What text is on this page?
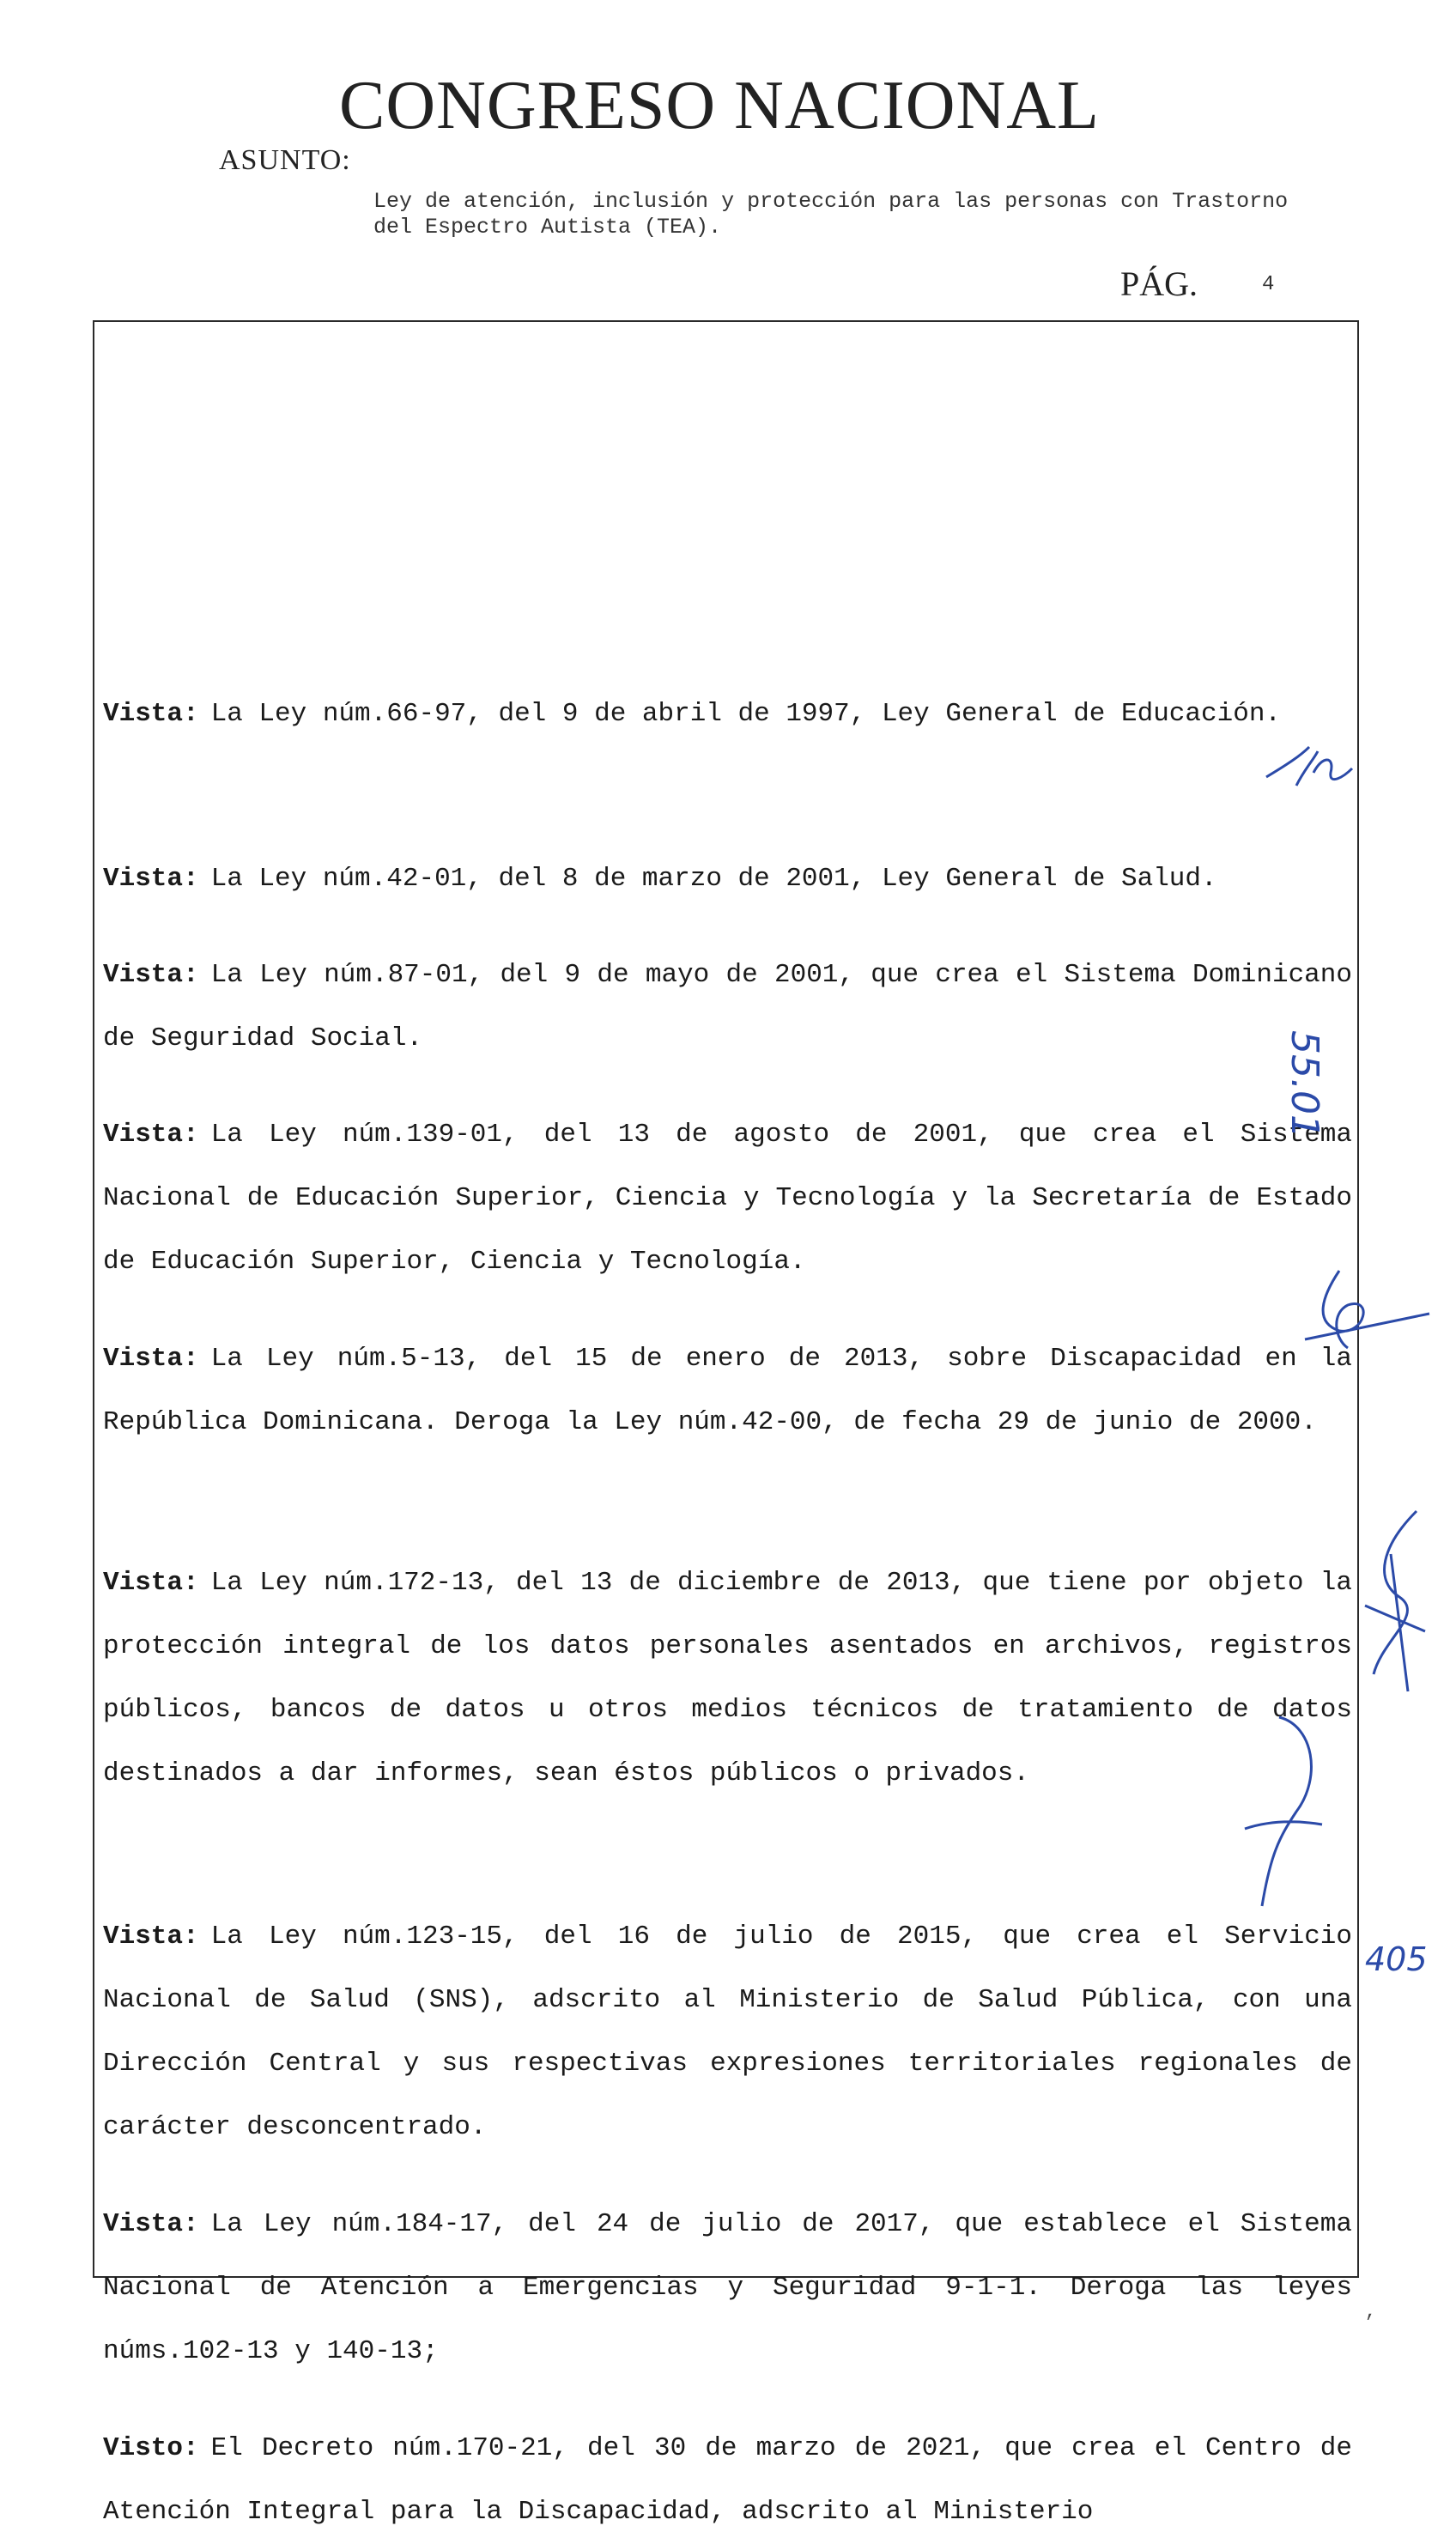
CONGRESO NACIONAL
ASUNTO:
Ley de atención, inclusión y protección para las personas con Trastorno del Espectro Autista (TEA).
PÁG.	4

Vista: La Ley núm.66-97, del 9 de abril de 1997, Ley General de Educación.

Vista: La Ley núm.42-01, del 8 de marzo de 2001, Ley General de Salud.

Vista: La Ley núm.87-01, del 9 de mayo de 2001, que crea el Sistema Dominicano de Seguridad Social.

Vista: La Ley núm.139-01, del 13 de agosto de 2001, que crea el Sistema Nacional de Educación Superior, Ciencia y Tecnología y la Secretaría de Estado de Educación Superior, Ciencia y Tecnología.

Vista: La Ley núm.5-13, del 15 de enero de 2013, sobre Discapacidad en la República Dominicana. Deroga la Ley núm.42-00, de fecha 29 de junio de 2000.

Vista: La Ley núm.172-13, del 13 de diciembre de 2013, que tiene por objeto la protección integral de los datos personales asentados en archivos, registros públicos, bancos de datos u otros medios técnicos de tratamiento de datos destinados a dar informes, sean éstos públicos o privados.

Vista: La Ley núm.123-15, del 16 de julio de 2015, que crea el Servicio Nacional de Salud (SNS), adscrito al Ministerio de Salud Pública, con una Dirección Central y sus respectivas expresiones territoriales regionales de carácter desconcentrado.

Vista: La Ley núm.184-17, del 24 de julio de 2017, que establece el Sistema Nacional de Atención a Emergencias y Seguridad 9-1-1. Deroga las leyes núms.102-13 y 140-13;

Visto: El Decreto núm.170-21, del 30 de marzo de 2021, que crea el Centro de Atención Integral para la Discapacidad, adscrito al Ministerio

55.01
405
,
